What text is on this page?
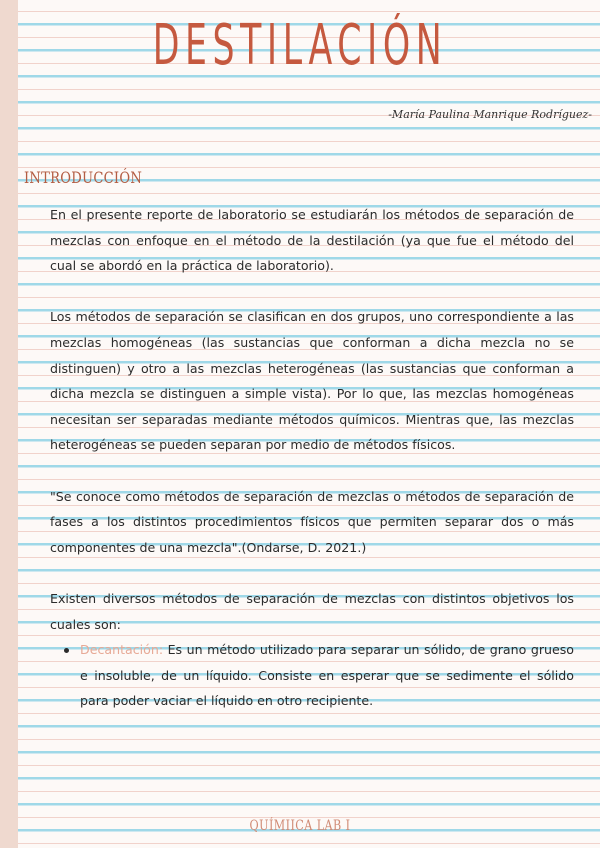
DESTILACIÓN

-María Paulina Manrique Rodríguez-

INTRODUCCIÓN

En el presente reporte de laboratorio se estudiarán los métodos de separación de mezclas con enfoque en el método de la destilación (ya que fue el método del cual se abordó en la práctica de laboratorio).

Los métodos de separación se clasifican en dos grupos, uno correspondiente a las mezclas homogéneas (las sustancias que conforman a dicha mezcla no se distinguen) y otro a las mezclas heterogéneas (las sustancias que conforman a dicha mezcla se distinguen a simple vista). Por lo que, las mezclas homogéneas necesitan ser separadas mediante métodos químicos. Mientras que, las mezclas heterogéneas se pueden separan por medio de métodos físicos.

"Se conoce como métodos de separación de mezclas o métodos de separación de fases a los distintos procedimientos físicos que permiten separar dos o más componentes de una mezcla".(Ondarse, D. 2021.)

Existen diversos métodos de separación de mezclas con distintos objetivos los cuales son:

Decantación: Es un método utilizado para separar un sólido, de grano grueso e insoluble, de un líquido. Consiste en esperar que se sedimente el sólido para poder vaciar el líquido en otro recipiente.

QUÍMIICA LAB I
